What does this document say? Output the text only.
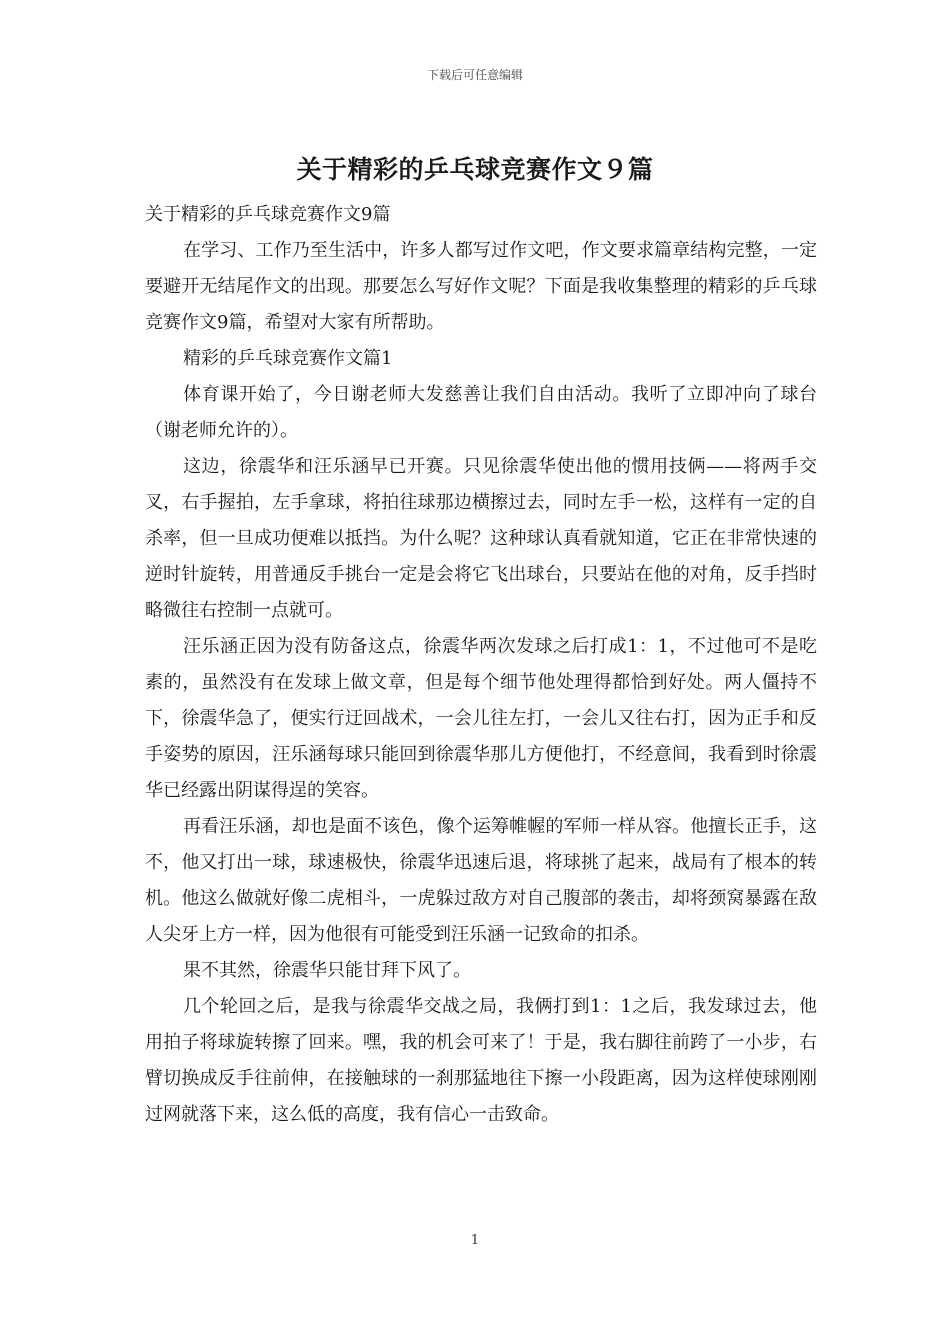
下载后可任意编辑
关于精彩的乒乓球竞赛作文９篇

关于精彩的乒乓球竞赛作文9篇

在学习、工作乃至生活中，许多人都写过作文吧，作文要求篇章结构完整，一定要避开无结尾作文的出现。那要怎么写好作文呢？下面是我收集整理的精彩的乒乓球竞赛作文9篇，希望对大家有所帮助。

精彩的乒乓球竞赛作文篇1

体育课开始了，今日谢老师大发慈善让我们自由活动。我听了立即冲向了球台（谢老师允许的）。

这边，徐震华和汪乐涵早已开赛。只见徐震华使出他的惯用技俩——将两手交叉，右手握拍，左手拿球，将拍往球那边横擦过去，同时左手一松，这样有一定的自杀率，但一旦成功便难以抵挡。为什么呢？这种球认真看就知道，它正在非常快速的逆时针旋转，用普通反手挑台一定是会将它飞出球台，只要站在他的对角，反手挡时略微往右控制一点就可。

汪乐涵正因为没有防备这点，徐震华两次发球之后打成1：1，不过他可不是吃素的，虽然没有在发球上做文章，但是每个细节他处理得都恰到好处。两人僵持不下，徐震华急了，便实行迂回战术，一会儿往左打，一会儿又往右打，因为正手和反手姿势的原因，汪乐涵每球只能回到徐震华那儿方便他打，不经意间，我看到时徐震华已经露出阴谋得逞的笑容。

再看汪乐涵，却也是面不该色，像个运筹帷幄的军师一样从容。他擅长正手，这不，他又打出一球，球速极快，徐震华迅速后退，将球挑了起来，战局有了根本的转机。他这么做就好像二虎相斗，一虎躲过敌方对自己腹部的袭击，却将颈窝暴露在敌人尖牙上方一样，因为他很有可能受到汪乐涵一记致命的扣杀。

果不其然，徐震华只能甘拜下风了。

几个轮回之后，是我与徐震华交战之局，我俩打到1：1之后，我发球过去，他用拍子将球旋转擦了回来。嘿，我的机会可来了！于是，我右脚往前跨了一小步，右臂切换成反手往前伸，在接触球的一刹那猛地往下擦一小段距离，因为这样使球刚刚过网就落下来，这么低的高度，我有信心一击致命。

1
